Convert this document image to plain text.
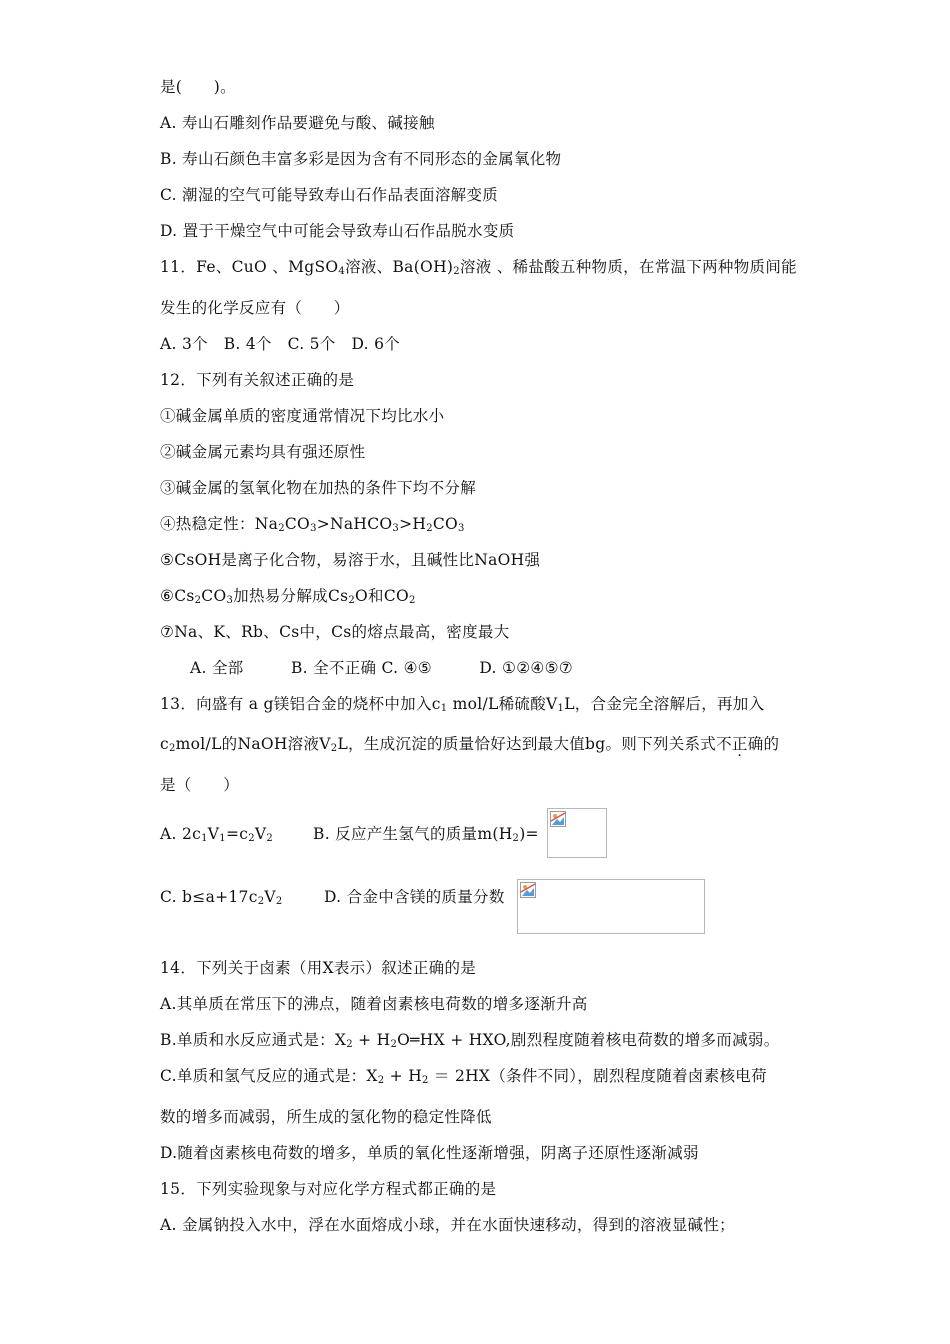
是(　　)。
A. 寿山石雕刻作品要避免与酸、碱接触
B. 寿山石颜色丰富多彩是因为含有不同形态的金属氧化物
C. 潮湿的空气可能导致寿山石作品表面溶解变质
D. 置于干燥空气中可能会导致寿山石作品脱水变质
11．Fe、CuO 、MgSO$_4$溶液、$Ba(OH)_2$溶液 、稀盐酸五种物质，在常温下两种物质间能
发生的化学反应有（　　）
A. 3个　B. 4个　C. 5个　D. 6个
12．下列有关叙述正确的是
①碱金属单质的密度通常情况下均比水小
②碱金属元素均具有强还原性
③碱金属的氢氧化物在加热的条件下均不分解
④热稳定性：$Na_2CO_3>NaHCO_3>H_2CO_3$
⑤CsOH是离子化合物，易溶于水，且碱性比NaOH强
$⑥Cs_2CO_3$加热易分解成$Cs_2O$和$CO_2$
⑦Na、K、Rb、Cs中，Cs的熔点最高，密度最大
A. 全部　　　B. 全不正确 C. ④⑤　　　D. ①②④⑤⑦
13．向盛有 a g镁铝合金的烧杯中加入$c_1$ mol/L稀硫酸$V_1L$，合金完全溶解后，再加入
$c_2mol/L$的NaOH溶液$V_2L$，生成沉淀的质量恰好达到最大值bg。则下列关系式不正确的
是（　　）
A. $2c_1V_1=c_2V_2$	B. 反应产生氢气的质量$m(H_2)=$
C. $b\le a+17c_2V_2$	D. 合金中含镁的质量分数
14．下列关于卤素（用X表示）叙述正确的是
A.其单质在常压下的沸点，随着卤素核电荷数的增多逐渐升高
B.单质和水反应通式是：$X_2$ + $H_2O═HX$ + HXO,剧烈程度随着核电荷数的增多而减弱。
C.单质和氢气反应的通式是：$X_2 + H_2 = 2HX$（条件不同），剧烈程度随着卤素核电荷
数的增多而减弱，所生成的氢化物的稳定性降低
D.随着卤素核电荷数的增多，单质的氧化性逐渐增强，阴离子还原性逐渐减弱
15．下列实验现象与对应化学方程式都正确的是
A. 金属钠投入水中，浮在水面熔成小球，并在水面快速移动，得到的溶液显碱性；
